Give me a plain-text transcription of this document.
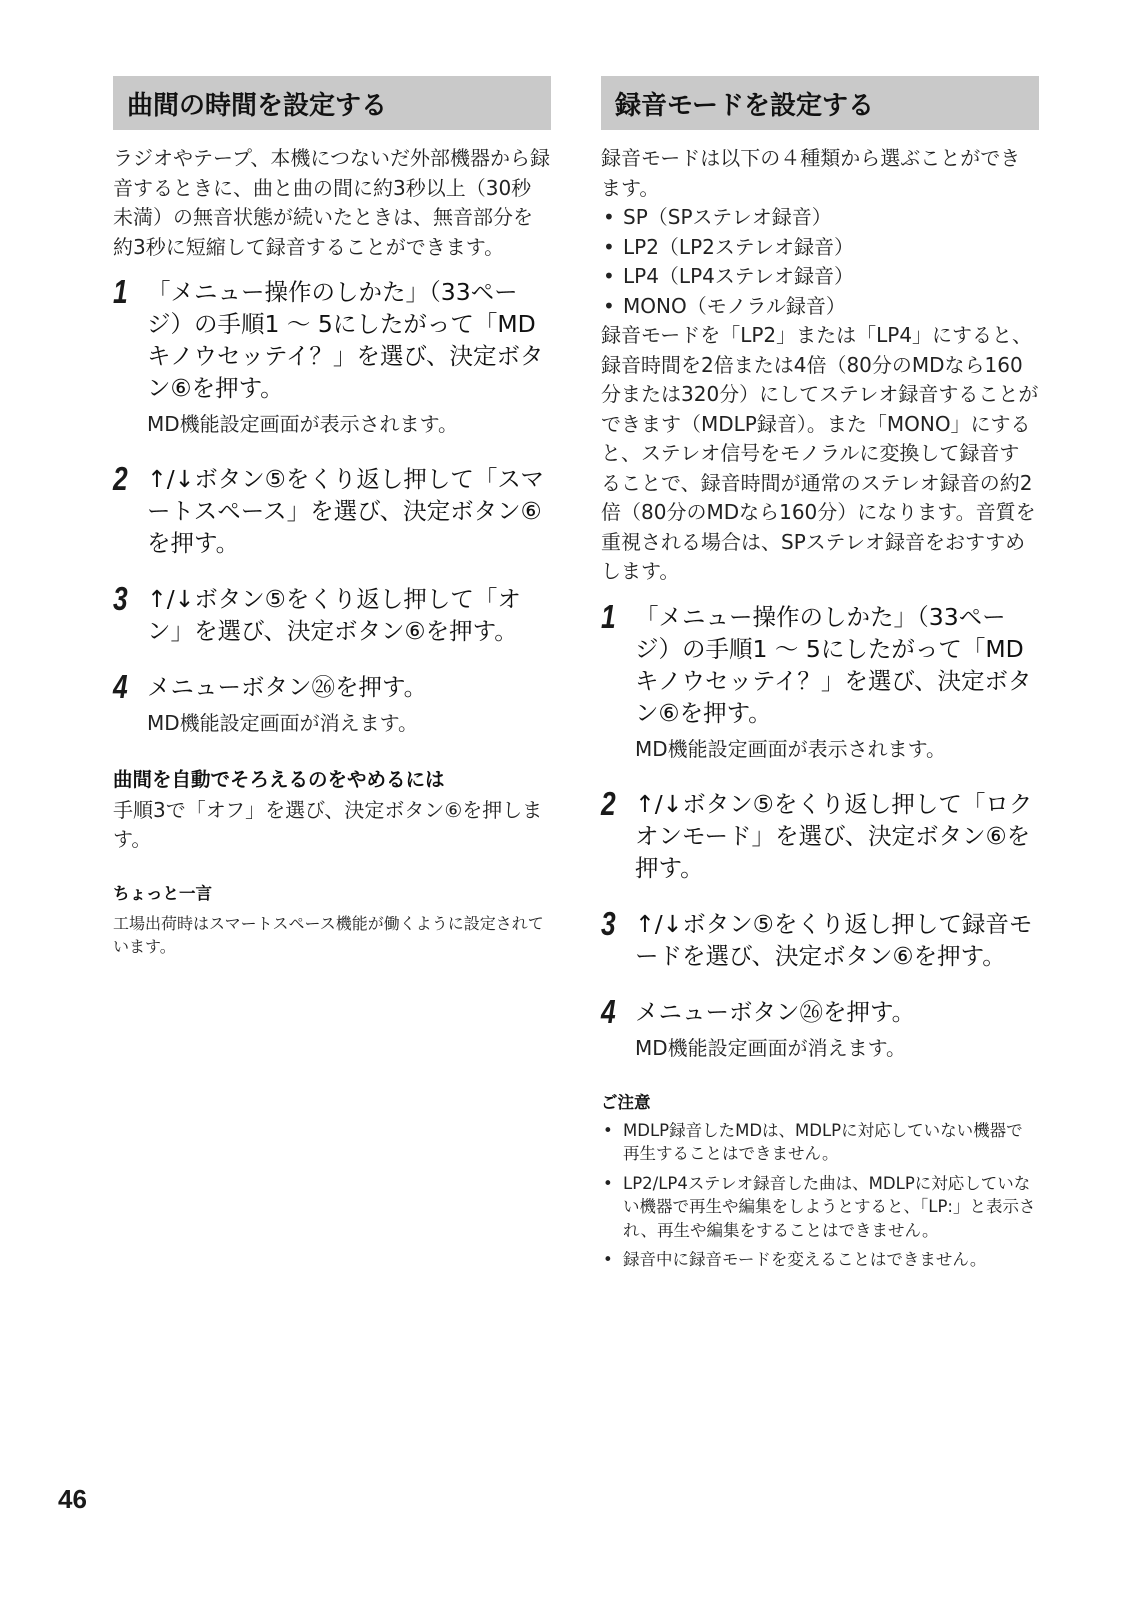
曲間の時間を設定する
ラジオやテープ、本機につないだ外部機器から録音するときに、曲と曲の間に約3秒以上（30秒未満）の無音状態が続いたときは、無音部分を約3秒に短縮して録音することができます。
1 「メニュー操作のしかた」（33ページ）の手順1 〜 5にしたがって「MDキノウセッテイ？」を選び、決定ボタン⑥を押す。
MD機能設定画面が表示されます。
2 ↑/↓ボタン⑤をくり返し押して「スマートスペース」を選び、決定ボタン⑥を押す。
3 ↑/↓ボタン⑤をくり返し押して「オン」を選び、決定ボタン⑥を押す。
4 メニューボタン㉖を押す。
MD機能設定画面が消えます。
曲間を自動でそろえるのをやめるには
手順3で「オフ」を選び、決定ボタン⑥を押します。
ちょっと一言
工場出荷時はスマートスペース機能が働くように設定されています。
録音モードを設定する
録音モードは以下の４種類から選ぶことができます。
• SP（SPステレオ録音）
• LP2（LP2ステレオ録音）
• LP4（LP4ステレオ録音）
• MONO（モノラル録音）
録音モードを「LP2」または「LP4」にすると、録音時間を2倍または4倍（80分のMDなら160分または320分）にしてステレオ録音することができます（MDLP録音）。また「MONO」にすると、ステレオ信号をモノラルに変換して録音することで、録音時間が通常のステレオ録音の約2倍（80分のMDなら160分）になります。音質を重視される場合は、SPステレオ録音をおすすめします。
1 「メニュー操作のしかた」（33ページ）の手順1 〜 5にしたがって「MDキノウセッテイ？」を選び、決定ボタン⑥を押す。
MD機能設定画面が表示されます。
2 ↑/↓ボタン⑤をくり返し押して「ロクオンモード」を選び、決定ボタン⑥を押す。
3 ↑/↓ボタン⑤をくり返し押して録音モードを選び、決定ボタン⑥を押す。
4 メニューボタン㉖を押す。
MD機能設定画面が消えます。
ご注意
• MDLP録音したMDは、MDLPに対応していない機器で再生することはできません。
• LP2/LP4ステレオ録音した曲は、MDLPに対応していない機器で再生や編集をしようとすると、「LP:」と表示され、再生や編集をすることはできません。
• 録音中に録音モードを変えることはできません。
46
